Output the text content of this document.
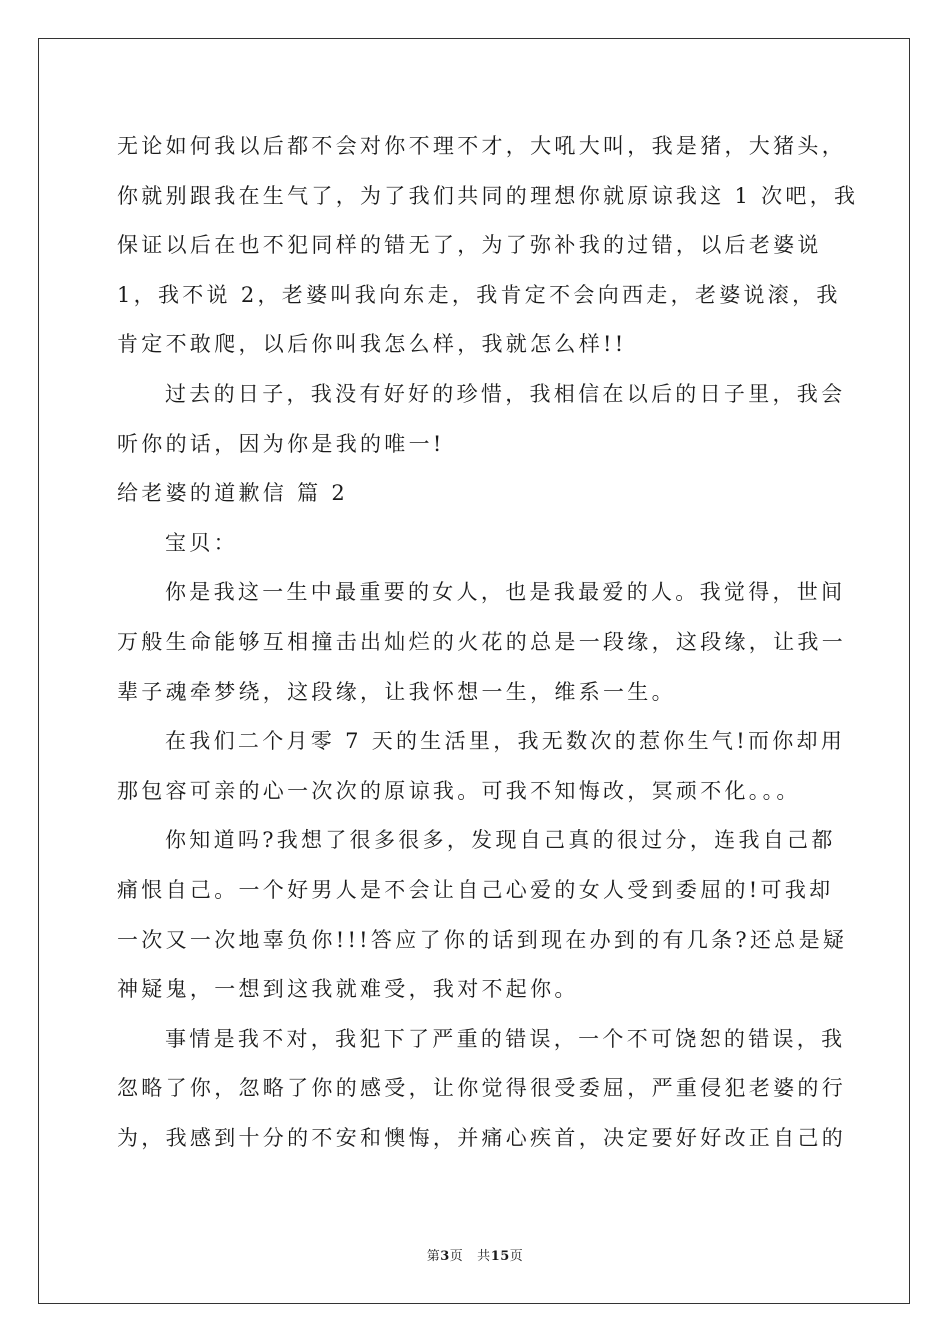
无论如何我以后都不会对你不理不才，大吼大叫，我是猪，大猪头，
你就别跟我在生气了，为了我们共同的理想你就原谅我这 1 次吧，我
保证以后在也不犯同样的错无了，为了弥补我的过错，以后老婆说
1，我不说 2，老婆叫我向东走，我肯定不会向西走，老婆说滚，我
肯定不敢爬，以后你叫我怎么样，我就怎么样!!
过去的日子，我没有好好的珍惜，我相信在以后的日子里，我会
听你的话，因为你是我的唯一!
给老婆的道歉信 篇 2
宝贝：
你是我这一生中最重要的女人，也是我最爱的人。我觉得，世间
万般生命能够互相撞击出灿烂的火花的总是一段缘，这段缘，让我一
辈子魂牵梦绕，这段缘，让我怀想一生，维系一生。
在我们二个月零 7 天的生活里，我无数次的惹你生气!而你却用
那包容可亲的心一次次的原谅我。可我不知悔改，冥顽不化。。。
你知道吗?我想了很多很多，发现自己真的很过分，连我自己都
痛恨自己。一个好男人是不会让自己心爱的女人受到委屈的!可我却
一次又一次地辜负你!!!答应了你的话到现在办到的有几条?还总是疑
神疑鬼，一想到这我就难受，我对不起你。
事情是我不对，我犯下了严重的错误，一个不可饶恕的错误，我
忽略了你，忽略了你的感受，让你觉得很受委屈，严重侵犯老婆的行
为，我感到十分的不安和懊悔，并痛心疾首，决定要好好改正自己的
第3页 共15页
